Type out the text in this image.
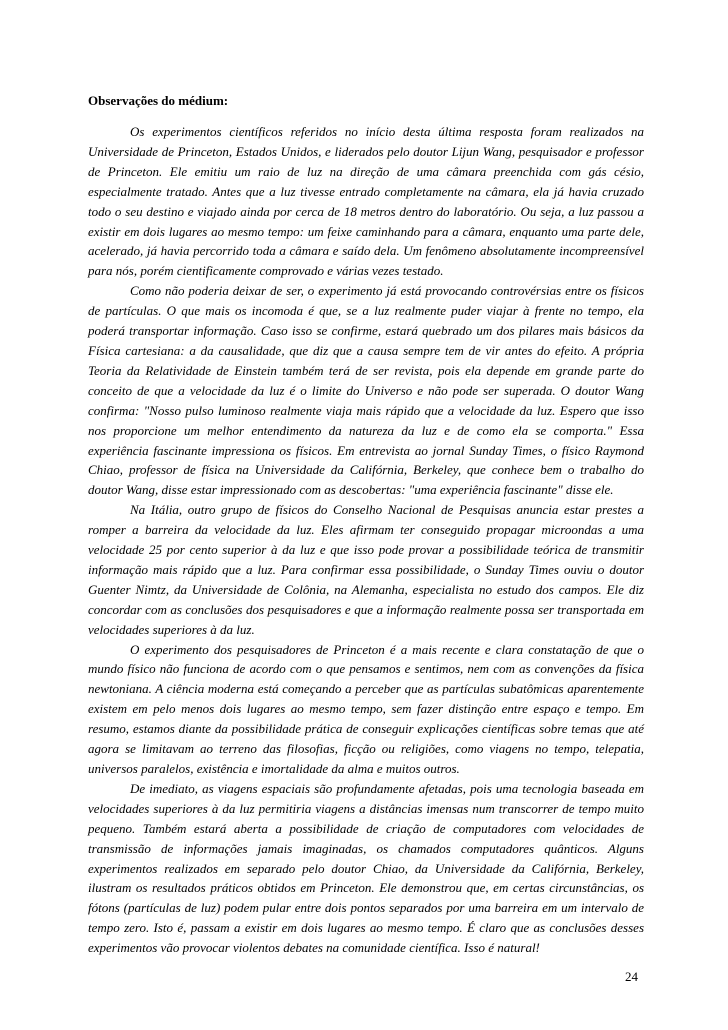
Observações do médium:

Os experimentos científicos referidos no início desta última resposta foram realizados na Universidade de Princeton, Estados Unidos, e liderados pelo doutor Lijun Wang, pesquisador e professor de Princeton. Ele emitiu um raio de luz na direção de uma câmara preenchida com gás césio, especialmente tratado. Antes que a luz tivesse entrado completamente na câmara, ela já havia cruzado todo o seu destino e viajado ainda por cerca de 18 metros dentro do laboratório. Ou seja, a luz passou a existir em dois lugares ao mesmo tempo: um feixe caminhando para a câmara, enquanto uma parte dele, acelerado, já havia percorrido toda a câmara e saído dela. Um fenômeno absolutamente incompreensível para nós, porém cientificamente comprovado e várias vezes testado.

Como não poderia deixar de ser, o experimento já está provocando controvérsias entre os físicos de partículas. O que mais os incomoda é que, se a luz realmente puder viajar à frente no tempo, ela poderá transportar informação. Caso isso se confirme, estará quebrado um dos pilares mais básicos da Física cartesiana: a da causalidade, que diz que a causa sempre tem de vir antes do efeito. A própria Teoria da Relatividade de Einstein também terá de ser revista, pois ela depende em grande parte do conceito de que a velocidade da luz é o limite do Universo e não pode ser superada. O doutor Wang confirma: "Nosso pulso luminoso realmente viaja mais rápido que a velocidade da luz. Espero que isso nos proporcione um melhor entendimento da natureza da luz e de como ela se comporta." Essa experiência fascinante impressiona os físicos. Em entrevista ao jornal Sunday Times, o físico Raymond Chiao, professor de física na Universidade da Califórnia, Berkeley, que conhece bem o trabalho do doutor Wang, disse estar impressionado com as descobertas: "uma experiência fascinante" disse ele.

Na Itália, outro grupo de físicos do Conselho Nacional de Pesquisas anuncia estar prestes a romper a barreira da velocidade da luz. Eles afirmam ter conseguido propagar microondas a uma velocidade 25 por cento superior à da luz e que isso pode provar a possibilidade teórica de transmitir informação mais rápido que a luz. Para confirmar essa possibilidade, o Sunday Times ouviu o doutor Guenter Nimtz, da Universidade de Colônia, na Alemanha, especialista no estudo dos campos. Ele diz concordar com as conclusões dos pesquisadores e que a informação realmente possa ser transportada em velocidades superiores à da luz.

O experimento dos pesquisadores de Princeton é a mais recente e clara constatação de que o mundo físico não funciona de acordo com o que pensamos e sentimos, nem com as convenções da física newtoniana. A ciência moderna está começando a perceber que as partículas subatômicas aparentemente existem em pelo menos dois lugares ao mesmo tempo, sem fazer distinção entre espaço e tempo. Em resumo, estamos diante da possibilidade prática de conseguir explicações científicas sobre temas que até agora se limitavam ao terreno das filosofias, ficção ou religiões, como viagens no tempo, telepatia, universos paralelos, existência e imortalidade da alma e muitos outros.

De imediato, as viagens espaciais são profundamente afetadas, pois uma tecnologia baseada em velocidades superiores à da luz permitiria viagens a distâncias imensas num transcorrer de tempo muito pequeno. Também estará aberta a possibilidade de criação de computadores com velocidades de transmissão de informações jamais imaginadas, os chamados computadores quânticos. Alguns experimentos realizados em separado pelo doutor Chiao, da Universidade da Califórnia, Berkeley, ilustram os resultados práticos obtidos em Princeton. Ele demonstrou que, em certas circunstâncias, os fótons (partículas de luz) podem pular entre dois pontos separados por uma barreira em um intervalo de tempo zero. Isto é, passam a existir em dois lugares ao mesmo tempo. É claro que as conclusões desses experimentos vão provocar violentos debates na comunidade científica. Isso é natural!

24
